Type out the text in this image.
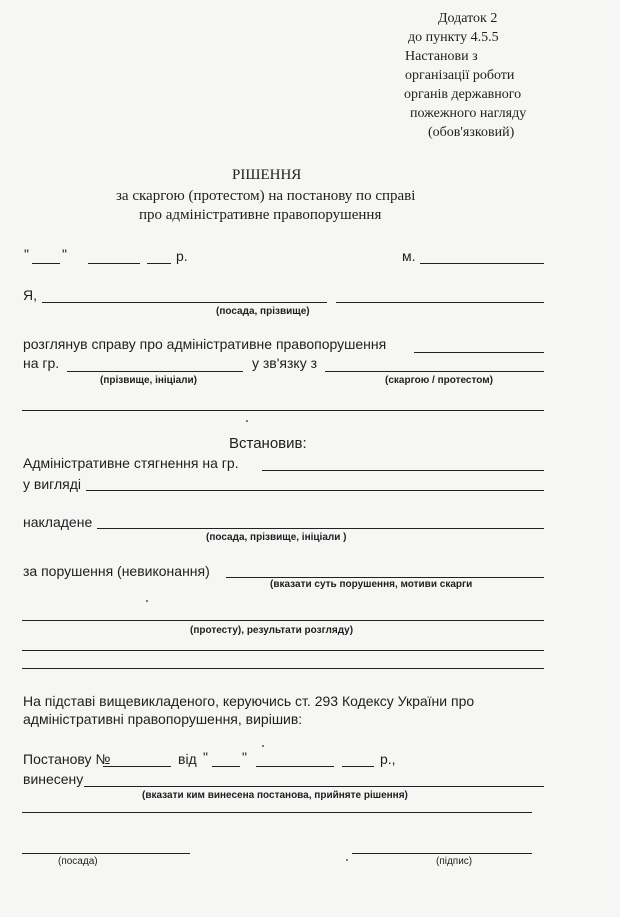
Додаток 2
до пункту 4.5.5
Настанови з
організації роботи
органів державного
пожежного нагляду
(обов'язковий)
РІШЕННЯ
за скаргою (протестом) на постанову по справі
про адміністративне правопорушення
" "	р.	м.
Я,
(посада, прізвище)
розглянув справу про адміністративне правопорушення
на гр.	у зв'язку з
(прізвище, ініціали)	(скаргою / протестом)
Встановив:
Адміністративне стягнення на гр.
у вигляді
накладене
(посада, прізвище, ініціали )
за порушення (невиконання)
(вказати суть порушення, мотиви скарги
(протесту), результати розгляду)
На підставі вищевикладеного, керуючись ст. 293 Кодексу України про
адміністративні правопорушення, вирішив:
Постанову №	від " "	р.,
винесену
(вказати ким винесена постанова, прийняте рішення)
(посада)	(підпис)
